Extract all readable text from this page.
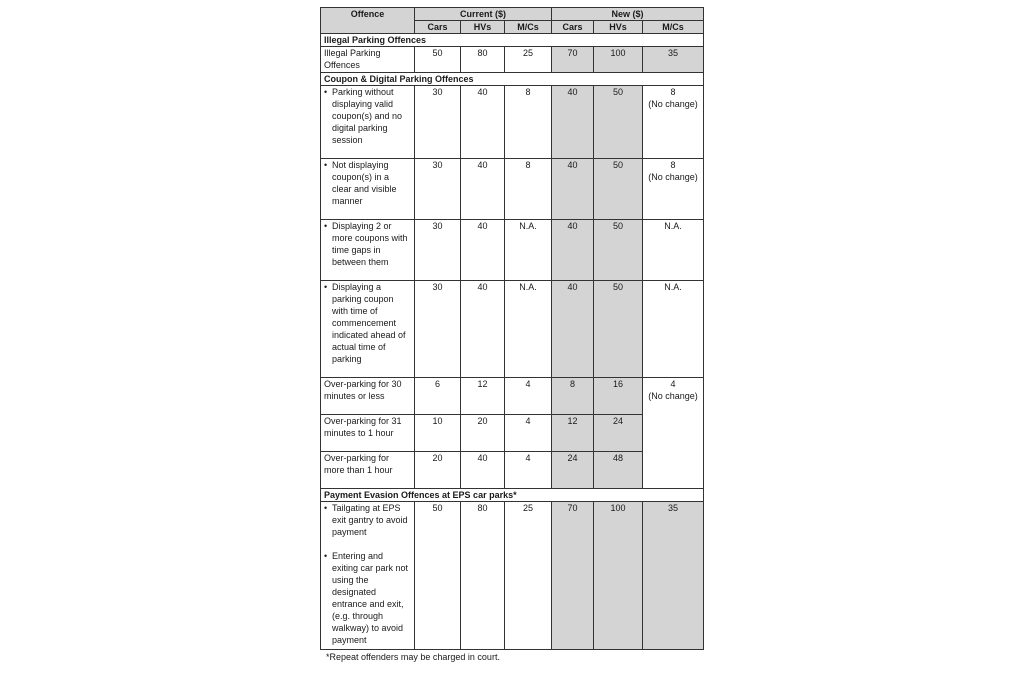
Offence	Current ($)			New ($)		
	Cars	HVs	M/Cs	Cars	HVs	M/Cs
Illegal Parking Offences						
Illegal Parking Offences	50	80	25	70	100	35
Coupon & Digital Parking Offences						

• Parking without displaying valid coupon(s) and no digital parking session	30	40	8	40	50	8
(No change)

• Not displaying coupon(s) in a clear and visible manner	30	40	8	40	50	8
(No change)

• Displaying 2 or more coupons with time gaps in between them	30	40	N.A.	40	50	N.A.

• Displaying a parking coupon with time of commencement indicated ahead of actual time of parking	30	40	N.A.	40	50	N.A.
Over-parking for 30 minutes or less	6	12	4	8	16	4
(No change)

Over-parking for 31 minutes to 1 hour	10	20	4	12	24	
Over-parking for more than 1 hour	20	40	4	24	48	
Payment Evasion Offences at EPS car parks*						

• Tailgating at EPS exit gantry to avoid payment
• Entering and exiting car park not using the designated entrance and exit, (e.g. through walkway) to avoid payment	50	80	25	70	100	35
*Repeat offenders may be charged in court.
